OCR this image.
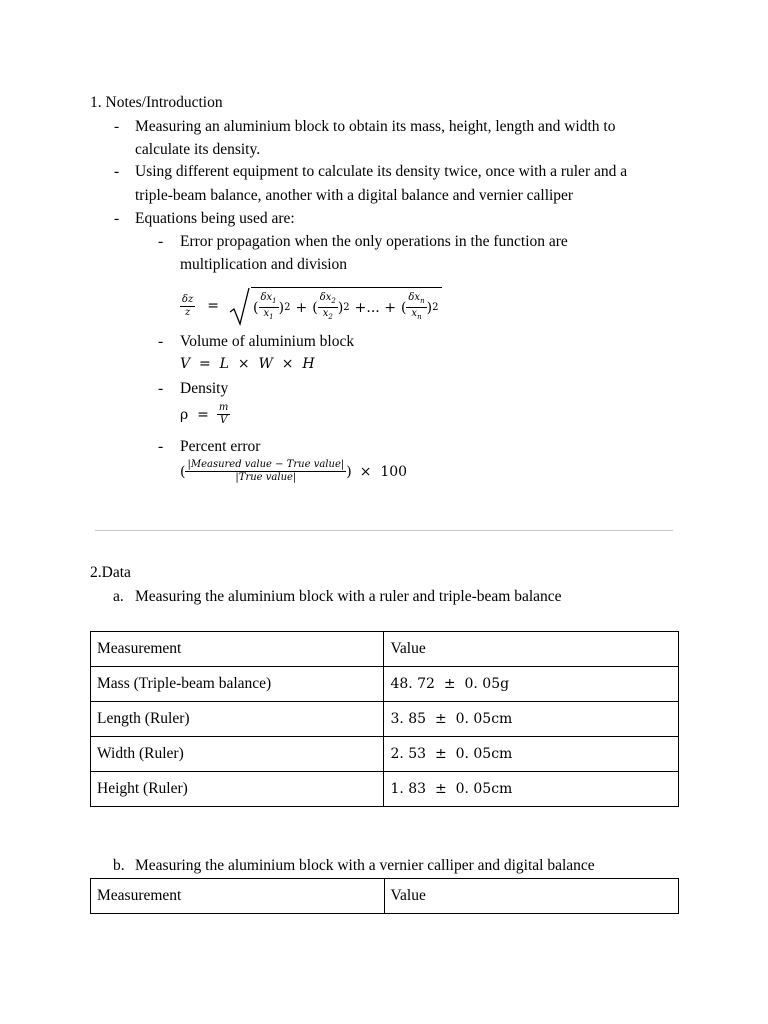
1. Notes/Introduction
- Measuring an aluminium block to obtain its mass, height, length and width to
calculate its density.
- Using different equipment to calculate its density twice, once with a ruler and a
triple-beam balance, another with a digital balance and vernier calliper
- Equations being used are:
- Error propagation when the only operations in the function are
multiplication and division
$\frac{\delta z}{z}$ = ( $\frac{\delta x_1}{x_1}$ ) 2 + ( $\frac{\delta x_2}{x_2}$ ) 2 +... + ( $\frac{\delta x_n}{x_n}$ ) 2
- Volume of aluminium block
V  =  L  ×  W  ×  H
- Density
$\rho = \frac{m}{V}$
- Percent error
( $\frac{\text{|Measured value − True value|}}{\text{|True value|}}$ ) ×  100
2.Data
a. Measuring the aluminium block with a ruler and triple-beam balance
Measurement	Value
Mass (Triple-beam balance)	48. 72  ±  0. 05g
Length (Ruler)	3. 85  ±  0. 05cm
Width (Ruler)	2. 53  ±  0. 05cm
Height (Ruler)	1. 83  ±  0. 05cm
b. Measuring the aluminium block with a vernier calliper and digital balance
Measurement	Value
